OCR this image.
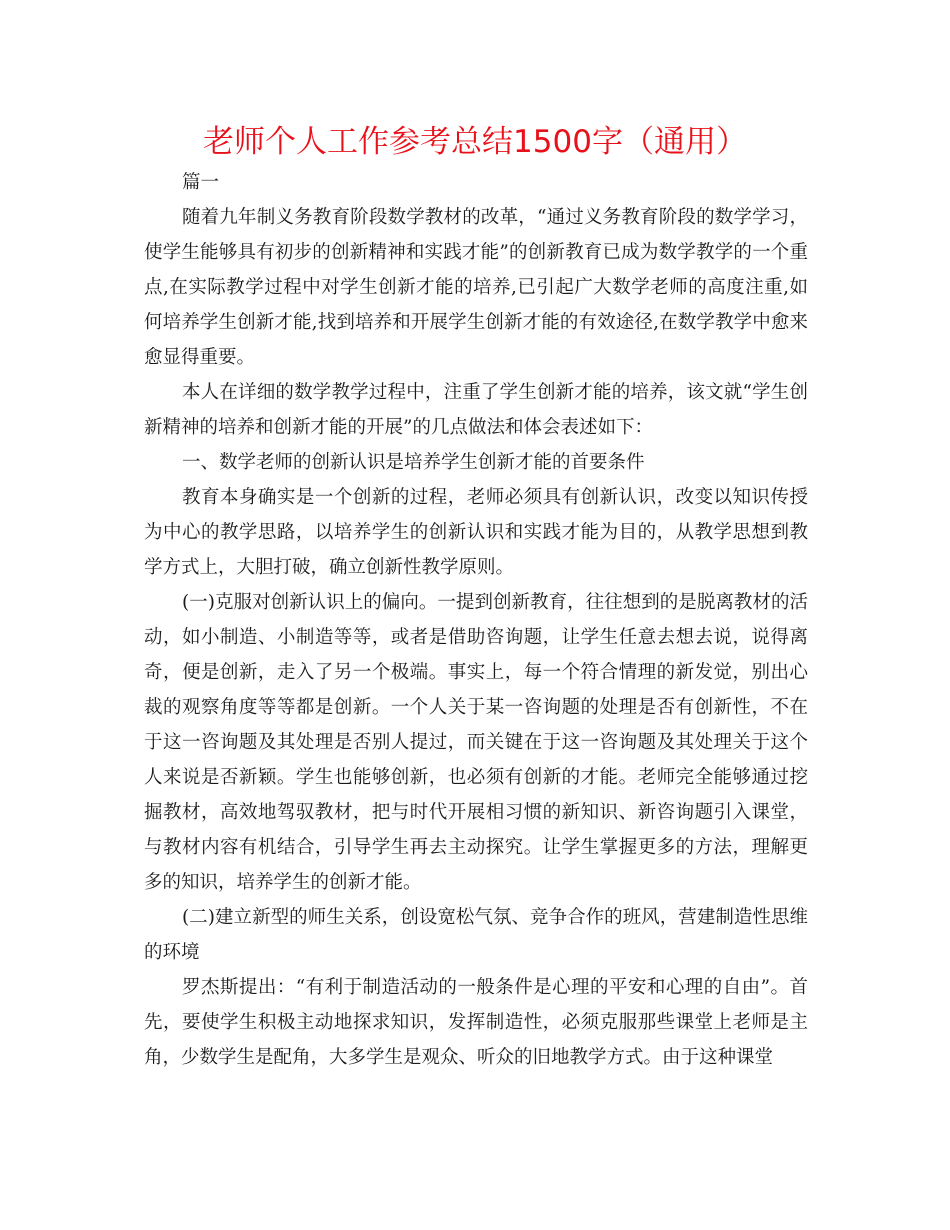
老师个人工作参考总结1500字（通用）

篇一

随着九年制义务教育阶段数学教材的改革，“通过义务教育阶段的数学学习，使学生能够具有初步的创新精神和实践才能”的创新教育已成为数学教学的一个重点,在实际教学过程中对学生创新才能的培养,已引起广大数学老师的高度注重,如何培养学生创新才能,找到培养和开展学生创新才能的有效途径,在数学教学中愈来愈显得重要。

本人在详细的数学教学过程中，注重了学生创新才能的培养，该文就“学生创新精神的培养和创新才能的开展”的几点做法和体会表述如下：

一、数学老师的创新认识是培养学生创新才能的首要条件

教育本身确实是一个创新的过程，老师必须具有创新认识，改变以知识传授为中心的教学思路，以培养学生的创新认识和实践才能为目的，从教学思想到教学方式上，大胆打破，确立创新性教学原则。

(一)克服对创新认识上的偏向。一提到创新教育，往往想到的是脱离教材的活动，如小制造、小制造等等，或者是借助咨询题，让学生任意去想去说，说得离奇，便是创新，走入了另一个极端。事实上，每一个符合情理的新发觉，别出心裁的观察角度等等都是创新。一个人关于某一咨询题的处理是否有创新性，不在于这一咨询题及其处理是否别人提过，而关键在于这一咨询题及其处理关于这个人来说是否新颖。学生也能够创新，也必须有创新的才能。老师完全能够通过挖掘教材，高效地驾驭教材，把与时代开展相习惯的新知识、新咨询题引入课堂，与教材内容有机结合，引导学生再去主动探究。让学生掌握更多的方法，理解更多的知识，培养学生的创新才能。

(二)建立新型的师生关系，创设宽松气氛、竞争合作的班风，营建制造性思维的环境

罗杰斯提出：“有利于制造活动的一般条件是心理的平安和心理的自由”。首先，要使学生积极主动地探求知识，发挥制造性，必须克服那些课堂上老师是主角，少数学生是配角，大多学生是观众、听众的旧地教学方式。由于这种课堂
